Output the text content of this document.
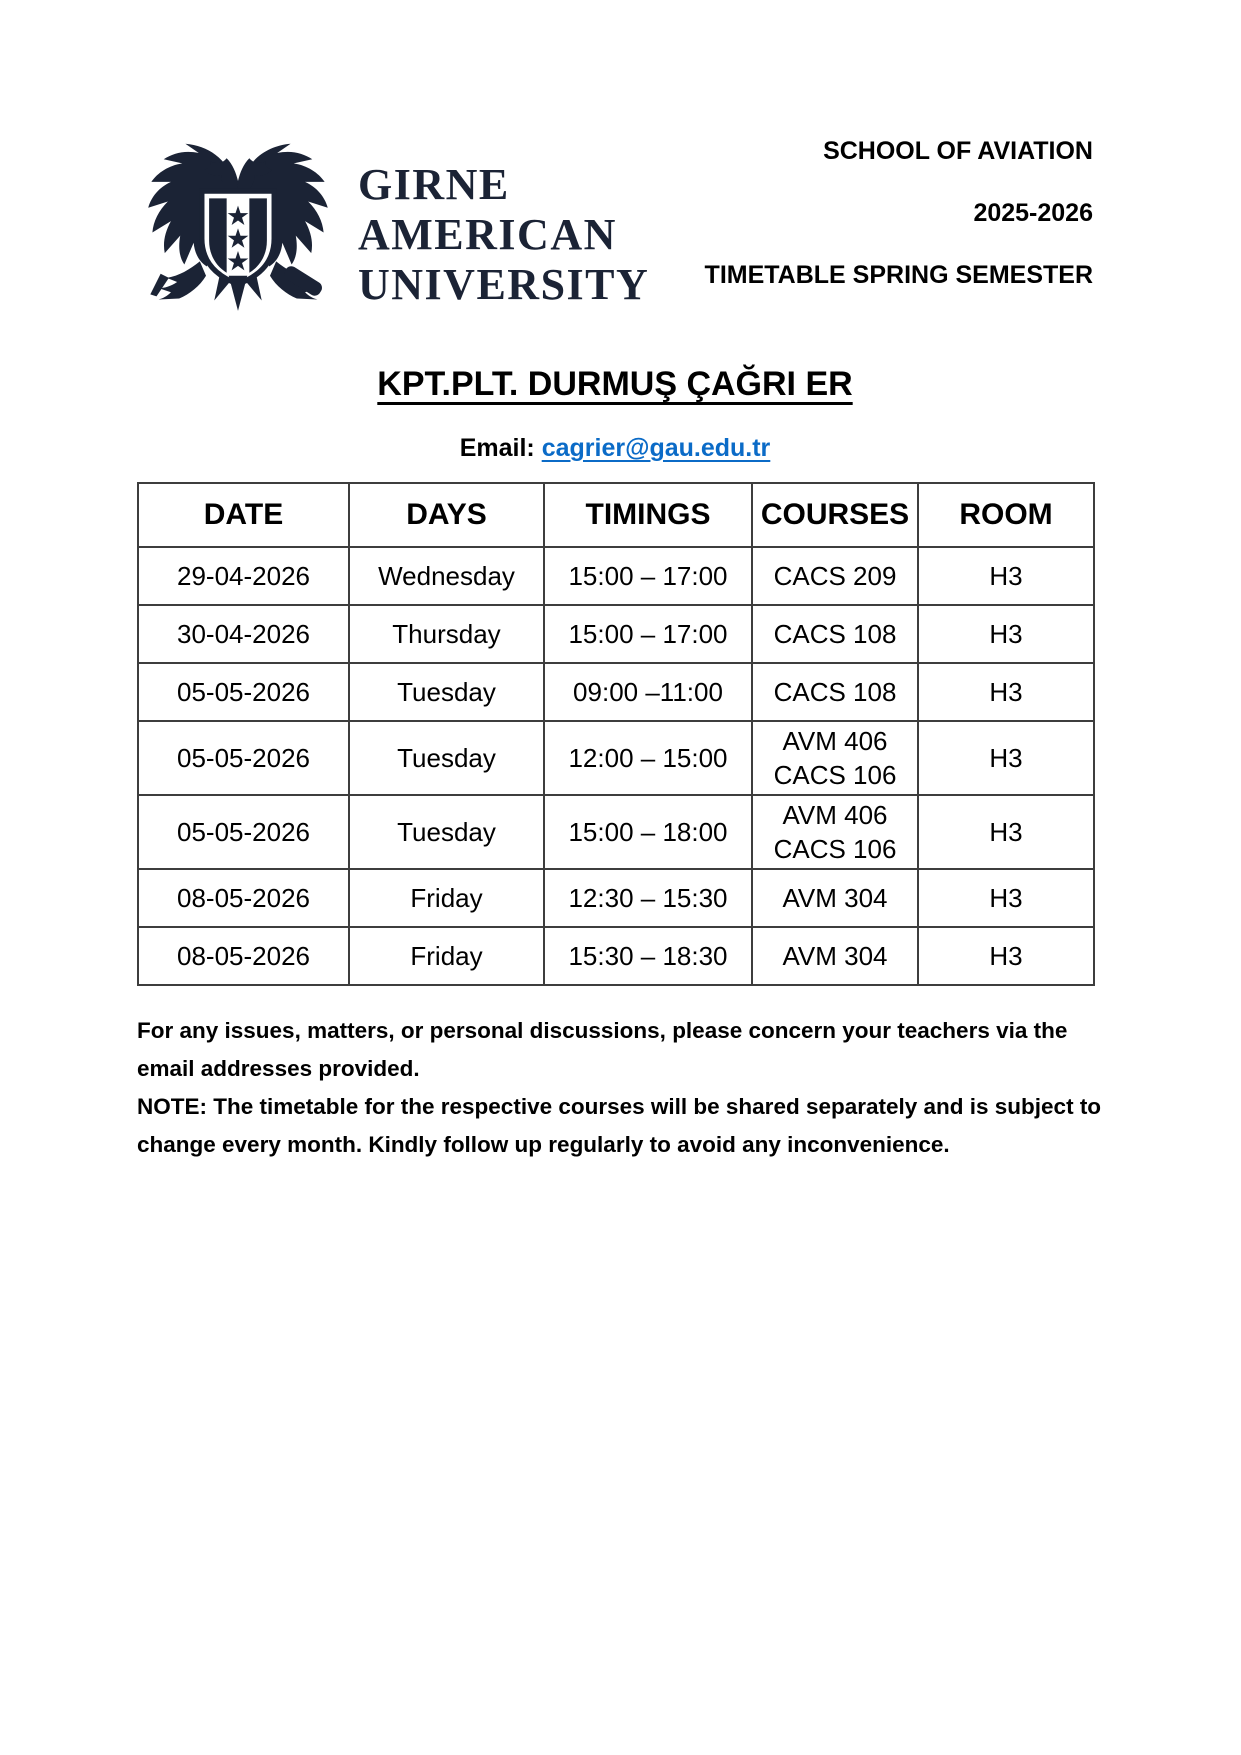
GIRNE
AMERICAN
UNIVERSITY
SCHOOL OF AVIATION
2025-2026
TIMETABLE SPRING SEMESTER
KPT.PLT. DURMUŞ ÇAĞRI ER
Email: cagrier@gau.edu.tr
DATE	DAYS	TIMINGS	COURSES	ROOM
29-04-2026	Wednesday	15:00 – 17:00	CACS 209	H3
30-04-2026	Thursday	15:00 – 17:00	CACS 108	H3
05-05-2026	Tuesday	09:00 –11:00	CACS 108	H3
05-05-2026	Tuesday	12:00 – 15:00	AVM 406
CACS 106	H3
05-05-2026	Tuesday	15:00 – 18:00	AVM 406
CACS 106	H3
08-05-2026	Friday	12:30 – 15:30	AVM 304	H3
08-05-2026	Friday	15:30 – 18:30	AVM 304	H3
For any issues, matters, or personal discussions, please concern your teachers via the
email addresses provided.
NOTE: The timetable for the respective courses will be shared separately and is subject to
change every month. Kindly follow up regularly to avoid any inconvenience.
